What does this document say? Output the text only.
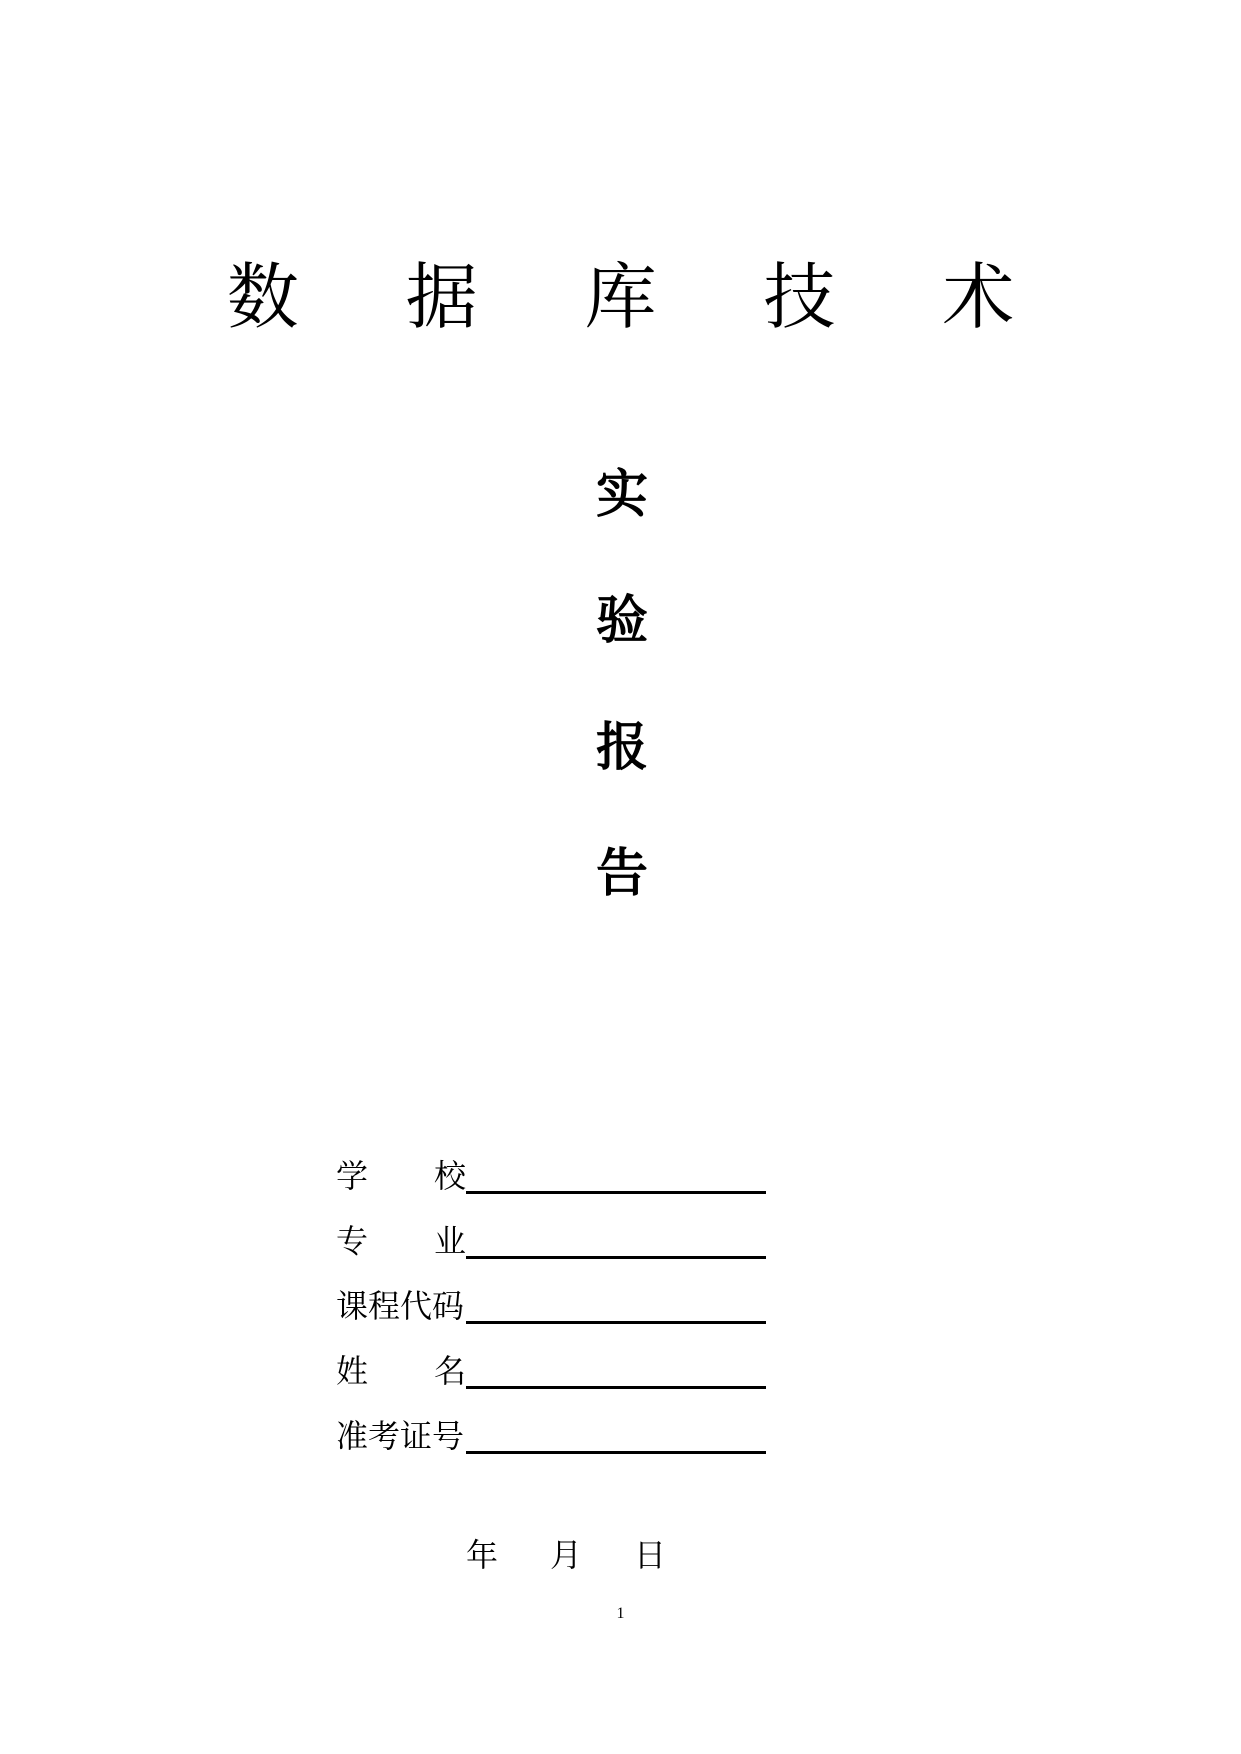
数 据 库 技 术
实
验
报
告
学 校
专 业
课程代码
姓 名
准考证号
年	月	日
1
